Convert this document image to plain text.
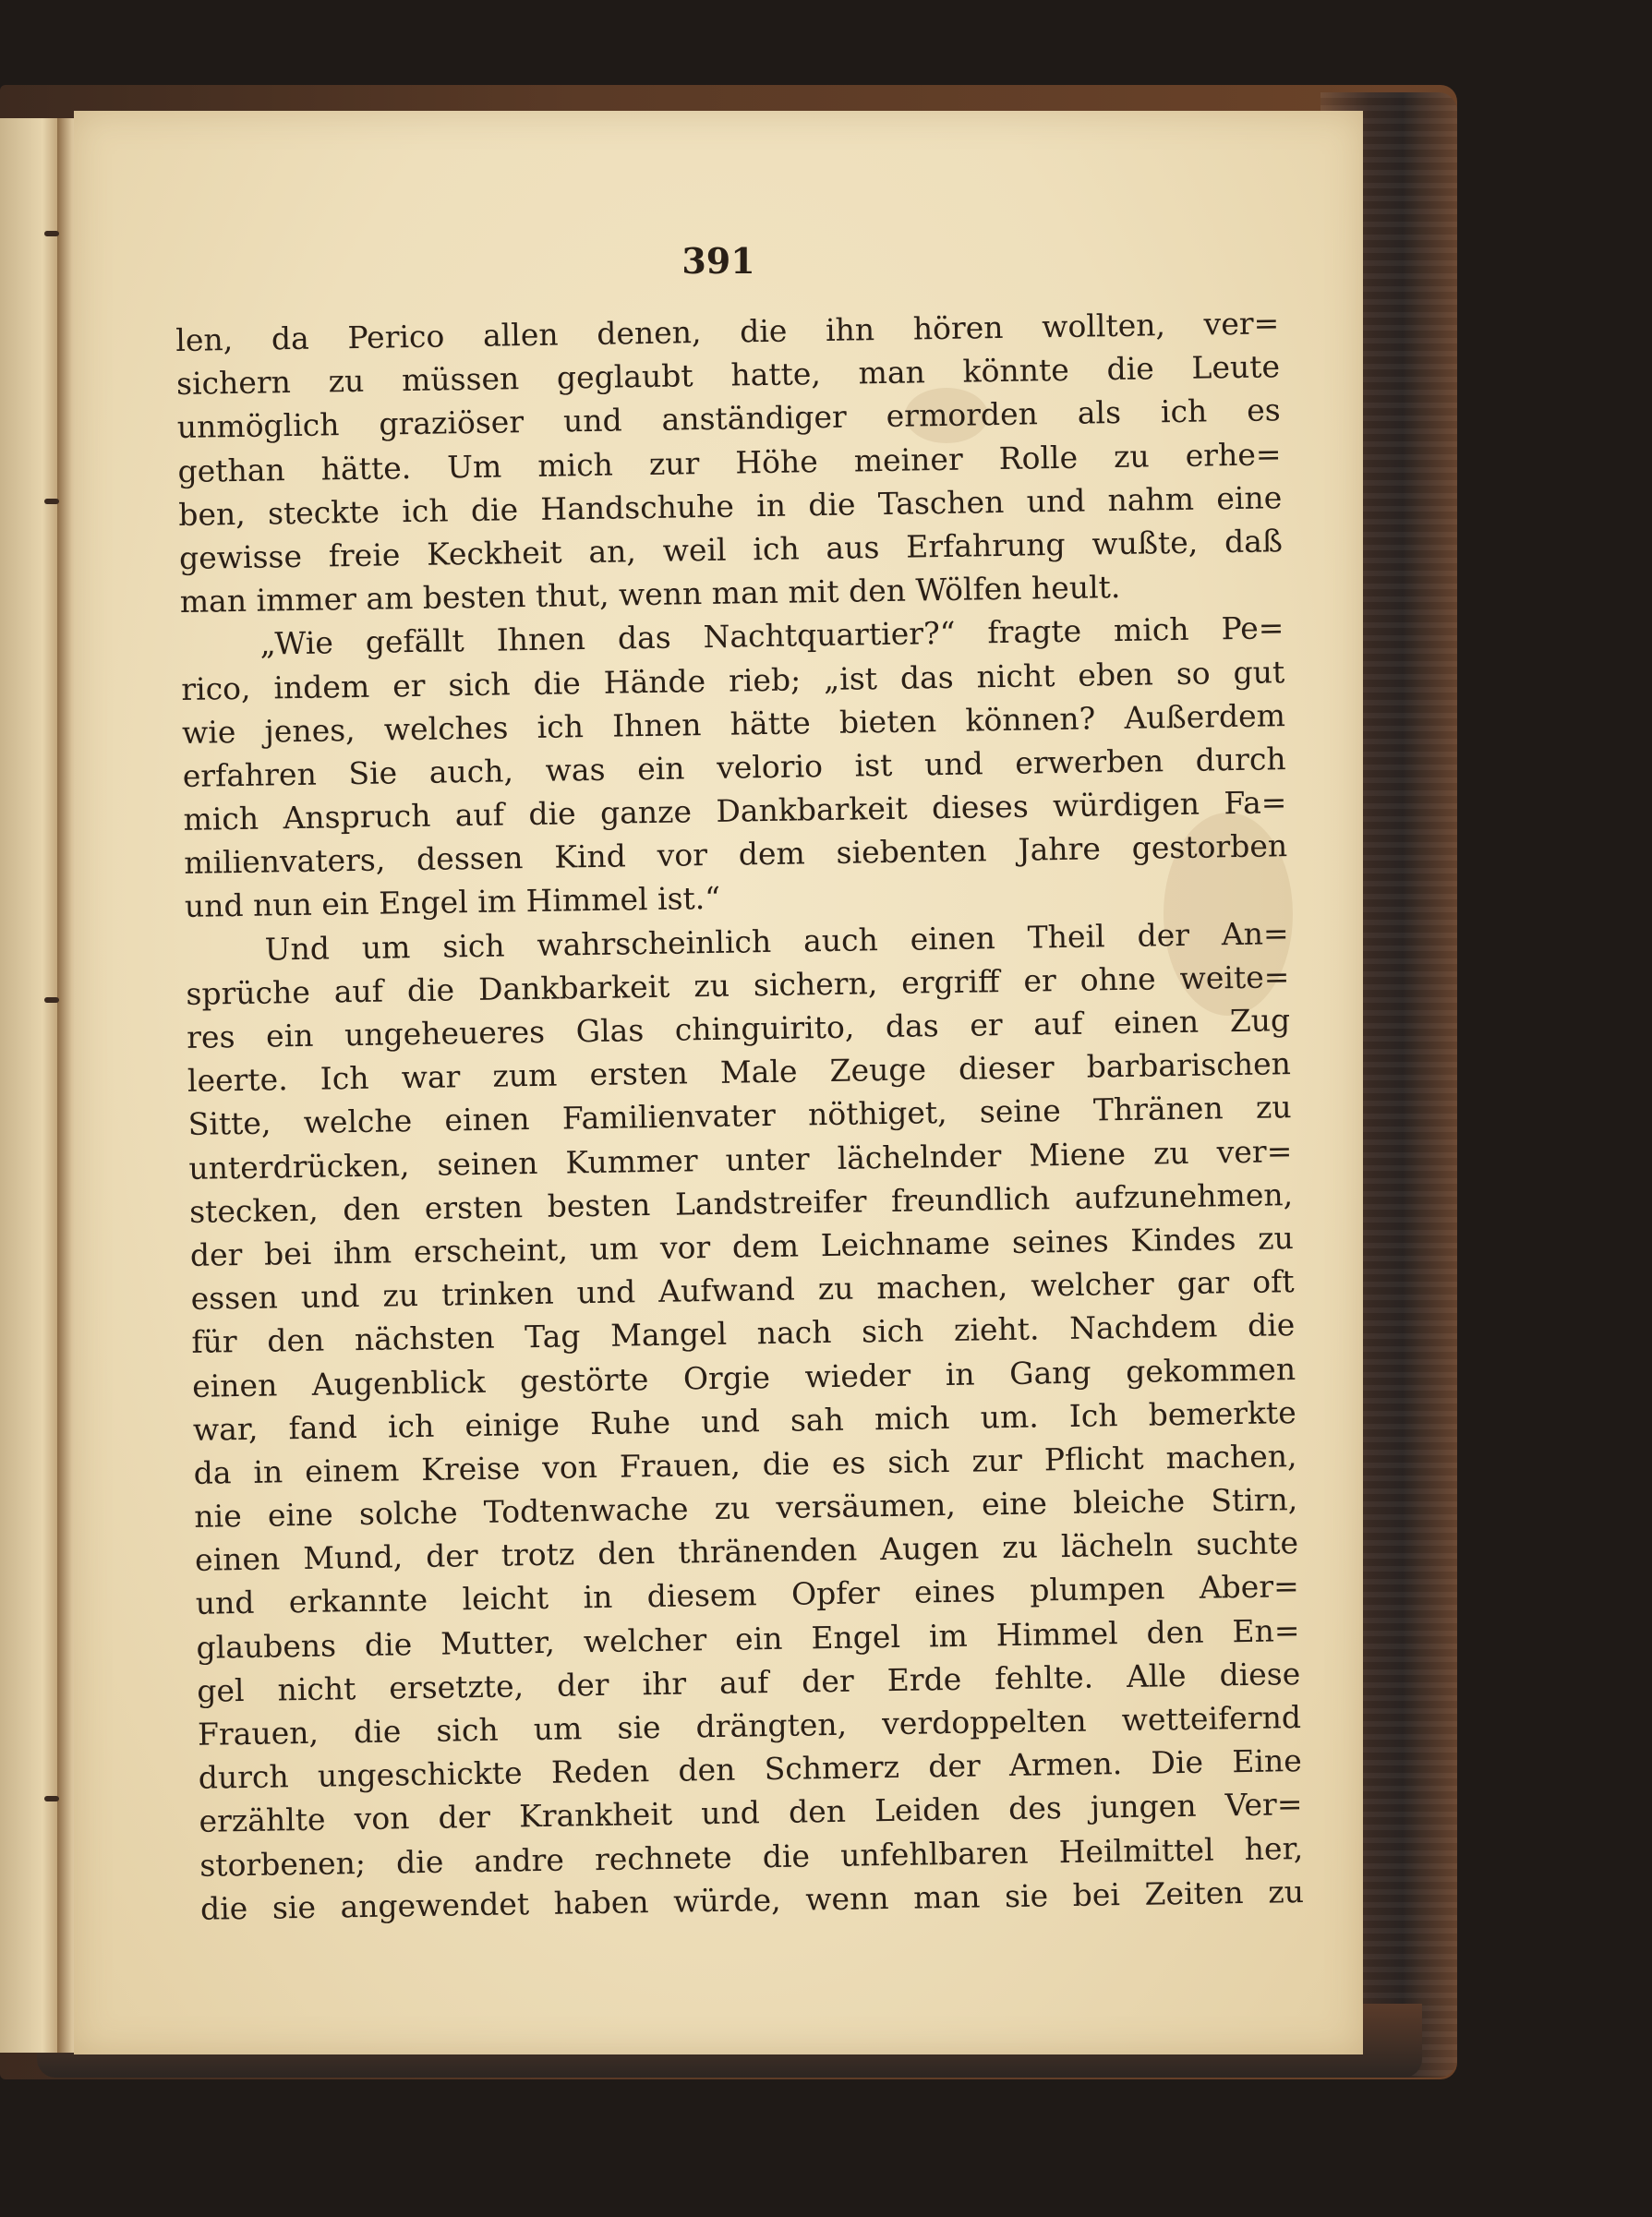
391
len, da Perico allen denen, die ihn hören wollten, ver=
sichern zu müssen geglaubt hatte, man könnte die Leute
unmöglich graziöser und anständiger ermorden als ich es
gethan hätte. Um mich zur Höhe meiner Rolle zu erhe=
ben, steckte ich die Handschuhe in die Taschen und nahm eine
gewisse freie Keckheit an, weil ich aus Erfahrung wußte, daß
man immer am besten thut, wenn man mit den Wölfen heult.
„Wie gefällt Ihnen das Nachtquartier?“ fragte mich Pe=
rico, indem er sich die Hände rieb; „ist das nicht eben so gut
wie jenes, welches ich Ihnen hätte bieten können? Außerdem
erfahren Sie auch, was ein velorio ist und erwerben durch
mich Anspruch auf die ganze Dankbarkeit dieses würdigen Fa=
milienvaters, dessen Kind vor dem siebenten Jahre gestorben
und nun ein Engel im Himmel ist.“
Und um sich wahrscheinlich auch einen Theil der An=
sprüche auf die Dankbarkeit zu sichern, ergriff er ohne weite=
res ein ungeheueres Glas chinguirito, das er auf einen Zug
leerte. Ich war zum ersten Male Zeuge dieser barbarischen
Sitte, welche einen Familienvater nöthiget, seine Thränen zu
unterdrücken, seinen Kummer unter lächelnder Miene zu ver=
stecken, den ersten besten Landstreifer freundlich aufzunehmen,
der bei ihm erscheint, um vor dem Leichname seines Kindes zu
essen und zu trinken und Aufwand zu machen, welcher gar oft
für den nächsten Tag Mangel nach sich zieht. Nachdem die
einen Augenblick gestörte Orgie wieder in Gang gekommen
war, fand ich einige Ruhe und sah mich um. Ich bemerkte
da in einem Kreise von Frauen, die es sich zur Pflicht machen,
nie eine solche Todtenwache zu versäumen, eine bleiche Stirn,
einen Mund, der trotz den thränenden Augen zu lächeln suchte
und erkannte leicht in diesem Opfer eines plumpen Aber=
glaubens die Mutter, welcher ein Engel im Himmel den En=
gel nicht ersetzte, der ihr auf der Erde fehlte. Alle diese
Frauen, die sich um sie drängten, verdoppelten wetteifernd
durch ungeschickte Reden den Schmerz der Armen. Die Eine
erzählte von der Krankheit und den Leiden des jungen Ver=
storbenen; die andre rechnete die unfehlbaren Heilmittel her,
die sie angewendet haben würde, wenn man sie bei Zeiten zu
